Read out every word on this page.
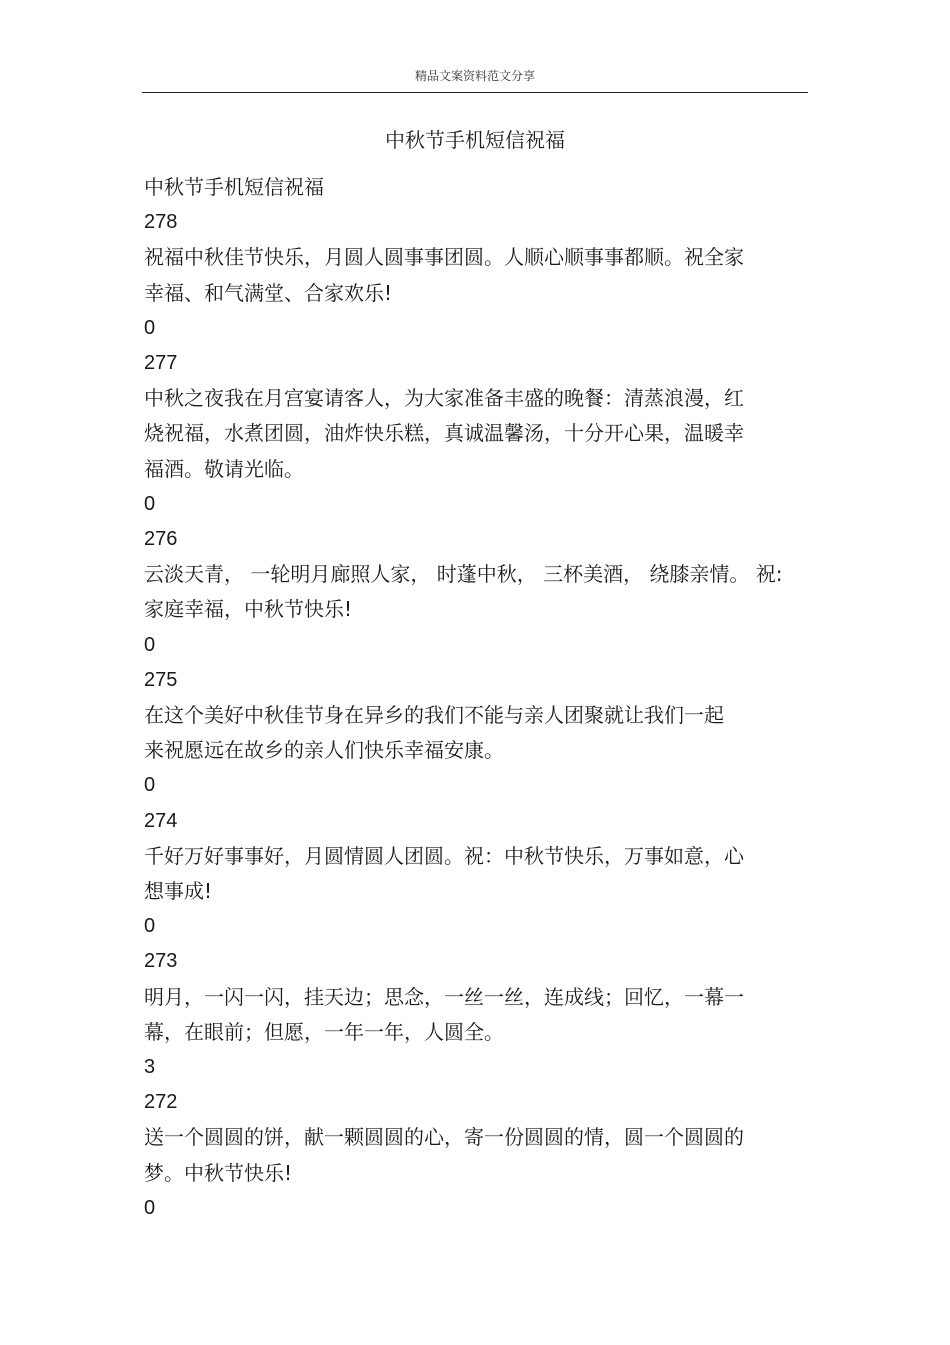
精品文案资料范文分享
中秋节手机短信祝福

中秋节手机短信祝福

278

祝福中秋佳节快乐，月圆人圆事事团圆。人顺心顺事事都顺。祝全家

幸福、和气满堂、合家欢乐!

0

277

中秋之夜我在月宫宴请客人，为大家准备丰盛的晚餐：清蒸浪漫，红

烧祝福，水煮团圆，油炸快乐糕，真诚温馨汤，十分开心果，温暖幸

福酒。敬请光临。

0

276

云淡天青， 一轮明月廊照人家， 时蓬中秋， 三杯美酒， 绕膝亲情。 祝:

家庭幸福，中秋节快乐!

0

275

在这个美好中秋佳节身在异乡的我们不能与亲人团聚就让我们一起

来祝愿远在故乡的亲人们快乐幸福安康。

0

274

千好万好事事好，月圆情圆人团圆。祝：中秋节快乐，万事如意，心

想事成!

0

273

明月，一闪一闪，挂天边；思念，一丝一丝，连成线；回忆，一幕一

幕，在眼前；但愿，一年一年，人圆全。

3

272

送一个圆圆的饼，献一颗圆圆的心，寄一份圆圆的情，圆一个圆圆的

梦。中秋节快乐!

0
